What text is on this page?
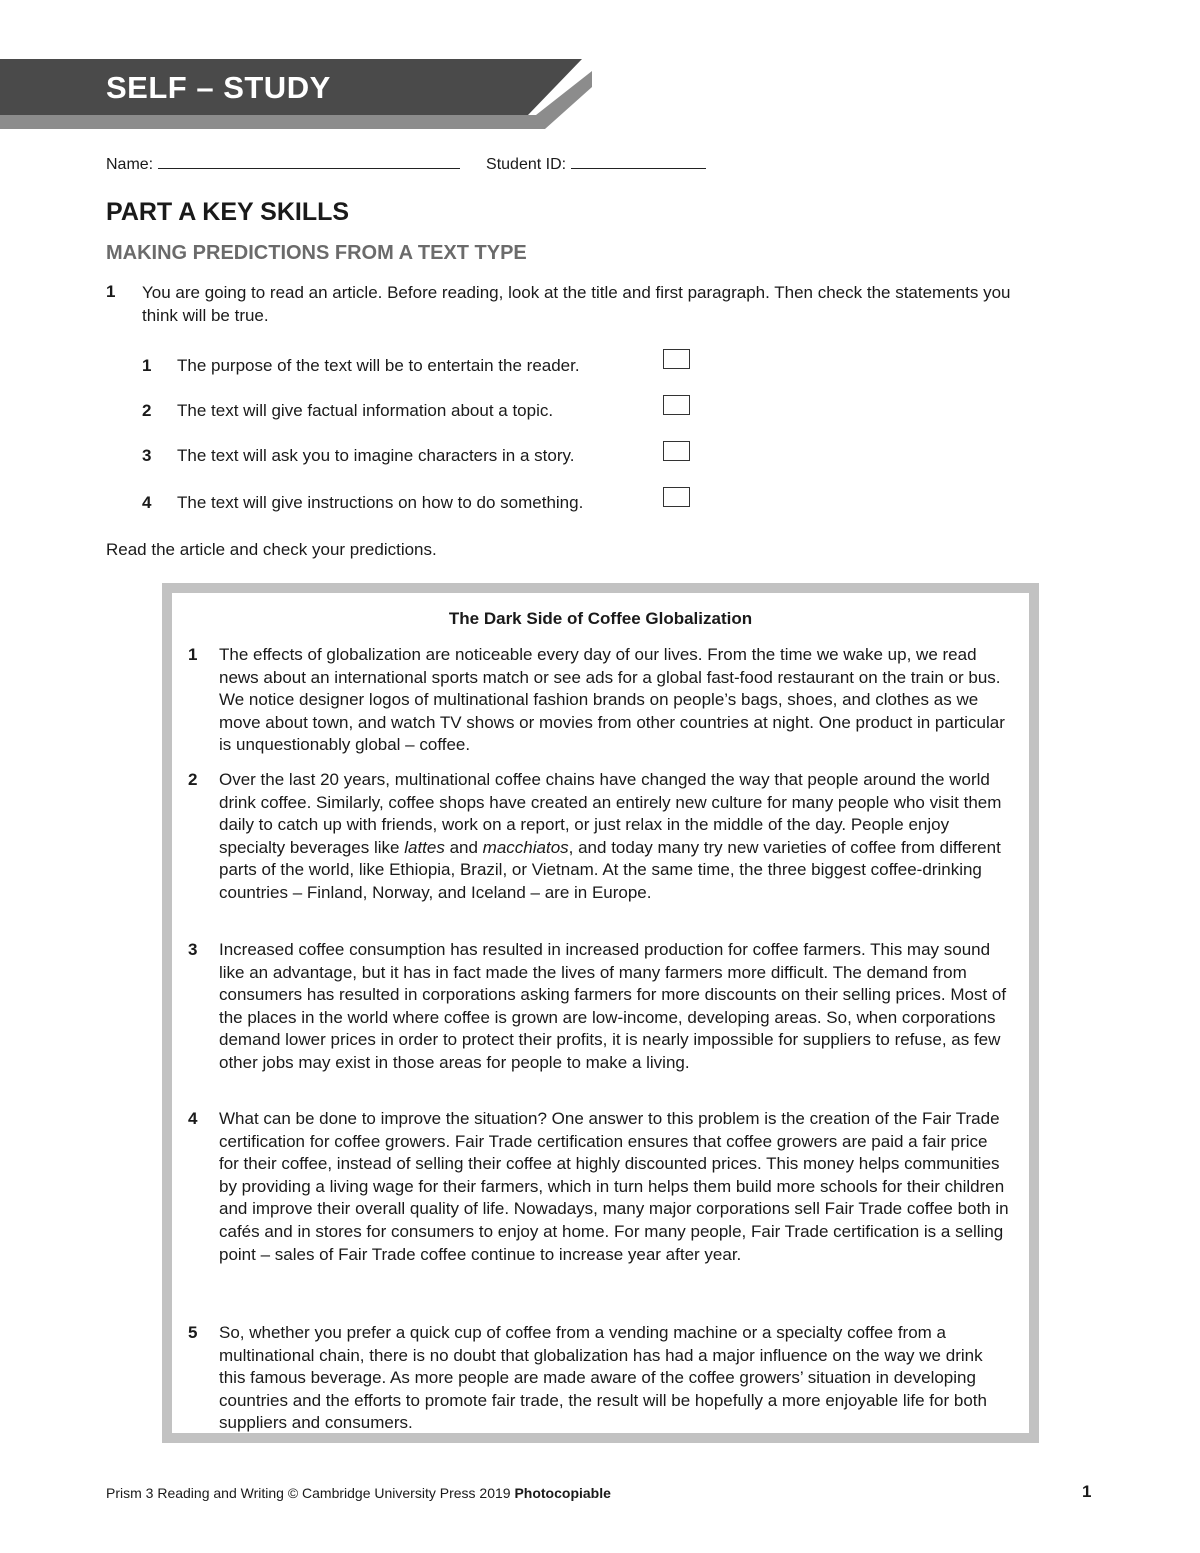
SELF – STUDY
Name:	Student ID:
PART A KEY SKILLS
MAKING PREDICTIONS FROM A TEXT TYPE
1 You are going to read an article. Before reading, look at the title and first paragraph. Then check the statements you think will be true.
1 The purpose of the text will be to entertain the reader.
2 The text will give factual information about a topic.
3 The text will ask you to imagine characters in a story.
4 The text will give instructions on how to do something.
Read the article and check your predictions.
The Dark Side of Coffee Globalization
1 The effects of globalization are noticeable every day of our lives. From the time we wake up, we read news about an international sports match or see ads for a global fast-food restaurant on the train or bus. We notice designer logos of multinational fashion brands on people’s bags, shoes, and clothes as we move about town, and watch TV shows or movies from other countries at night. One product in particular is unquestionably global – coffee.
2 Over the last 20 years, multinational coffee chains have changed the way that people around the world drink coffee. Similarly, coffee shops have created an entirely new culture for many people who visit them daily to catch up with friends, work on a report, or just relax in the middle of the day. People enjoy specialty beverages like lattes and macchiatos, and today many try new varieties of coffee from different parts of the world, like Ethiopia, Brazil, or Vietnam. At the same time, the three biggest coffee-drinking countries – Finland, Norway, and Iceland – are in Europe.
3 Increased coffee consumption has resulted in increased production for coffee farmers. This may sound like an advantage, but it has in fact made the lives of many farmers more difficult. The demand from consumers has resulted in corporations asking farmers for more discounts on their selling prices. Most of the places in the world where coffee is grown are low-income, developing areas. So, when corporations demand lower prices in order to protect their profits, it is nearly impossible for suppliers to refuse, as few other jobs may exist in those areas for people to make a living.
4 What can be done to improve the situation? One answer to this problem is the creation of the Fair Trade certification for coffee growers. Fair Trade certification ensures that coffee growers are paid a fair price for their coffee, instead of selling their coffee at highly discounted prices. This money helps communities by providing a living wage for their farmers, which in turn helps them build more schools for their children and improve their overall quality of life. Nowadays, many major corporations sell Fair Trade coffee both in cafés and in stores for consumers to enjoy at home. For many people, Fair Trade certification is a selling point – sales of Fair Trade coffee continue to increase year after year.
5 So, whether you prefer a quick cup of coffee from a vending machine or a specialty coffee from a multinational chain, there is no doubt that globalization has had a major influence on the way we drink this famous beverage. As more people are made aware of the coffee growers’ situation in developing countries and the efforts to promote fair trade, the result will be hopefully a more enjoyable life for both suppliers and consumers.
Prism 3 Reading and Writing © Cambridge University Press 2019 Photocopiable	1
